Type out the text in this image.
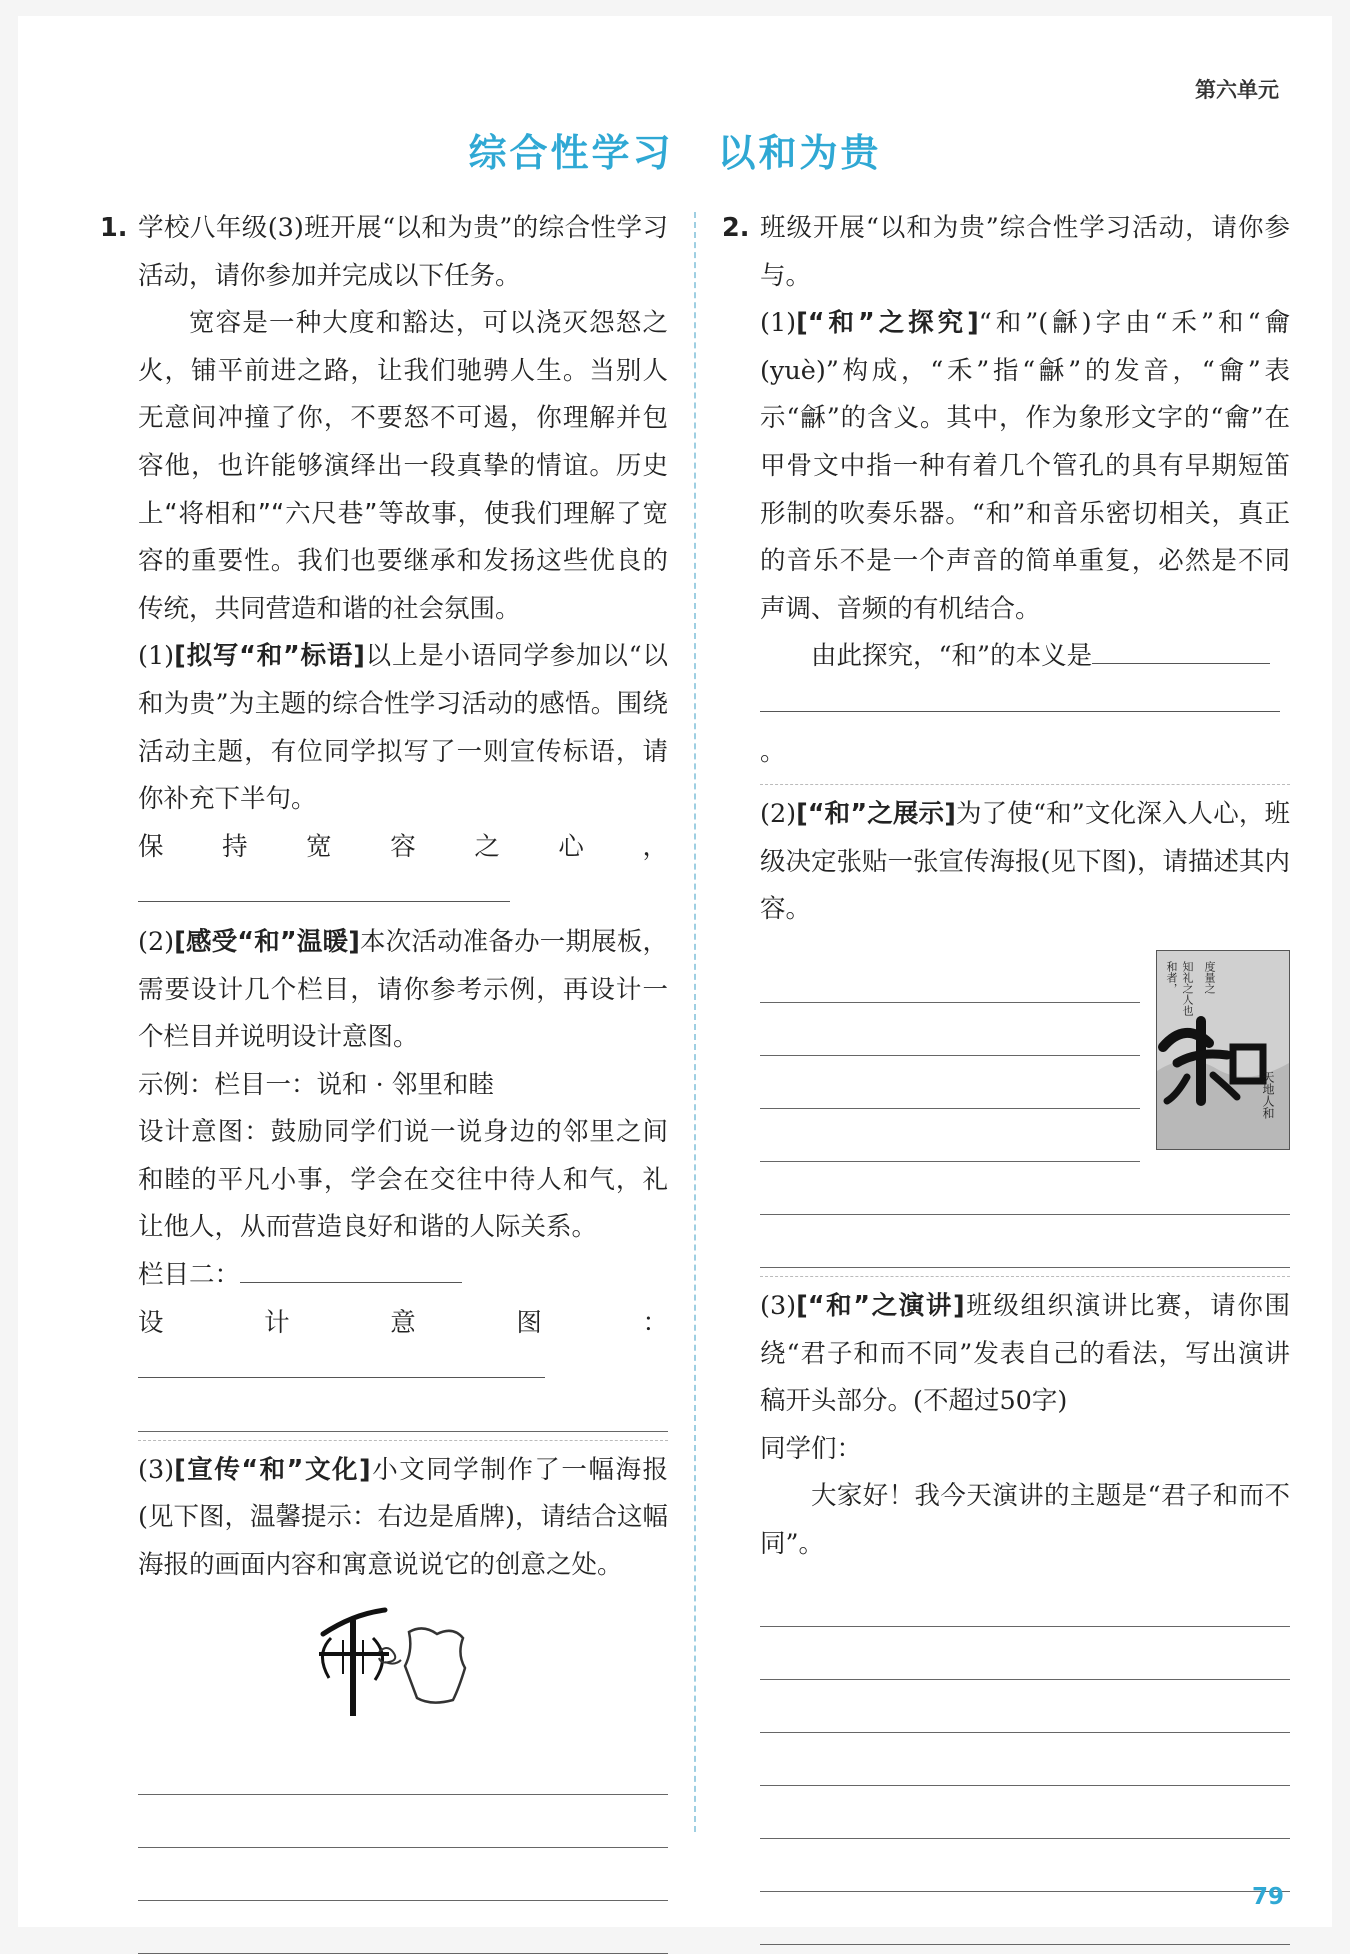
第六单元
综合性学习 以和为贵
1. 学校八年级(3)班开展“以和为贵”的综合性学习活动，请你参加并完成以下任务。

宽容是一种大度和豁达，可以浇灭怨怒之火，铺平前进之路，让我们驰骋人生。当别人无意间冲撞了你，不要怒不可遏，你理解并包容他，也许能够演绎出一段真挚的情谊。历史上“将相和”“六尺巷”等故事，使我们理解了宽容的重要性。我们也要继承和发扬这些优良的传统，共同营造和谐的社会氛围。

(1)[拟写“和”标语]以上是小语同学参加以“以和为贵”为主题的综合性学习活动的感悟。围绕活动主题，有位同学拟写了一则宣传标语，请你补充下半句。

保持宽容之心，

(2)[感受“和”温暖]本次活动准备办一期展板，需要设计几个栏目，请你参考示例，再设计一个栏目并说明设计意图。

示例：栏目一：说和 · 邻里和睦

设计意图：鼓励同学们说一说身边的邻里之间和睦的平凡小事，学会在交往中待人和气，礼让他人，从而营造良好和谐的人际关系。

栏目二：

设计意图：

(3)[宣传“和”文化]小文同学制作了一幅海报(见下图，温馨提示：右边是盾牌)，请结合这幅海报的画面内容和寓意说说它的创意之处。

2. 班级开展“以和为贵”综合性学习活动，请你参与。

(1)[“和”之探究]“和”(龢)字由“禾”和“龠(yuè)”构成，“禾”指“龢”的发音，“龠”表示“龢”的含义。其中，作为象形文字的“龠”在甲骨文中指一种有着几个管孔的具有早期短笛形制的吹奏乐器。“和”和音乐密切相关，真正的音乐不是一个声音的简单重复，必然是不同声调、音频的有机结合。

由此探究，“和”的本义是

。

(2)[“和”之展示]为了使“和”文化深入人心，班级决定张贴一张宣传海报(见下图)，请描述其内容。

和者， 知礼之人也 度量之
天地人和

(3)[“和”之演讲]班级组织演讲比赛，请你围绕“君子和而不同”发表自己的看法，写出演讲稿开头部分。(不超过50字)

同学们：

大家好！我今天演讲的主题是“君子和而不同”。

79
